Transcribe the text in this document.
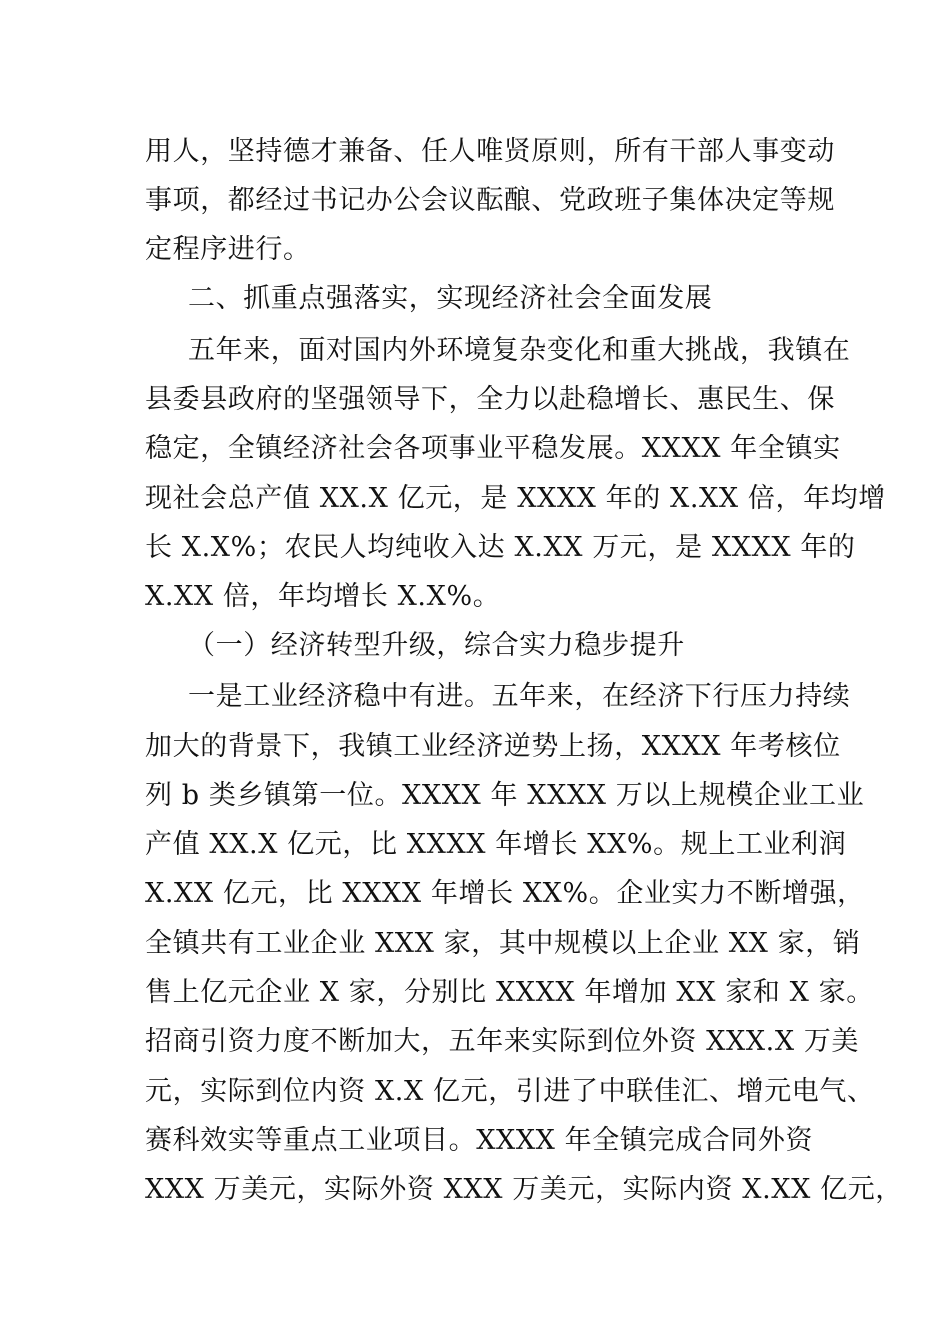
用人，坚持德才兼备、任人唯贤原则，所有干部人事变动
事项，都经过书记办公会议酝酿、党政班子集体决定等规
定程序进行。
二、抓重点强落实，实现经济社会全面发展
五年来，面对国内外环境复杂变化和重大挑战，我镇在
县委县政府的坚强领导下，全力以赴稳增长、惠民生、保
稳定，全镇经济社会各项事业平稳发展。XXXX 年全镇实
现社会总产值 XX.X 亿元，是 XXXX 年的 X.XX 倍，年均增
长 X.X%；农民人均纯收入达 X.XX 万元，是 XXXX 年的
X.XX 倍，年均增长 X.X%。
（一）经济转型升级，综合实力稳步提升
一是工业经济稳中有进。五年来，在经济下行压力持续
加大的背景下，我镇工业经济逆势上扬，XXXX 年考核位
列 b 类乡镇第一位。XXXX 年 XXXX 万以上规模企业工业
产值 XX.X 亿元，比 XXXX 年增长 XX%。规上工业利润
X.XX 亿元，比 XXXX 年增长 XX%。企业实力不断增强，
全镇共有工业企业 XXX 家，其中规模以上企业 XX 家，销
售上亿元企业 X 家，分别比 XXXX 年增加 XX 家和 X 家。
招商引资力度不断加大，五年来实际到位外资 XXX.X 万美
元，实际到位内资 X.X 亿元，引进了中联佳汇、增元电气、
赛科效实等重点工业项目。XXXX 年全镇完成合同外资
XXX 万美元，实际外资 XXX 万美元，实际内资 X.XX 亿元，
